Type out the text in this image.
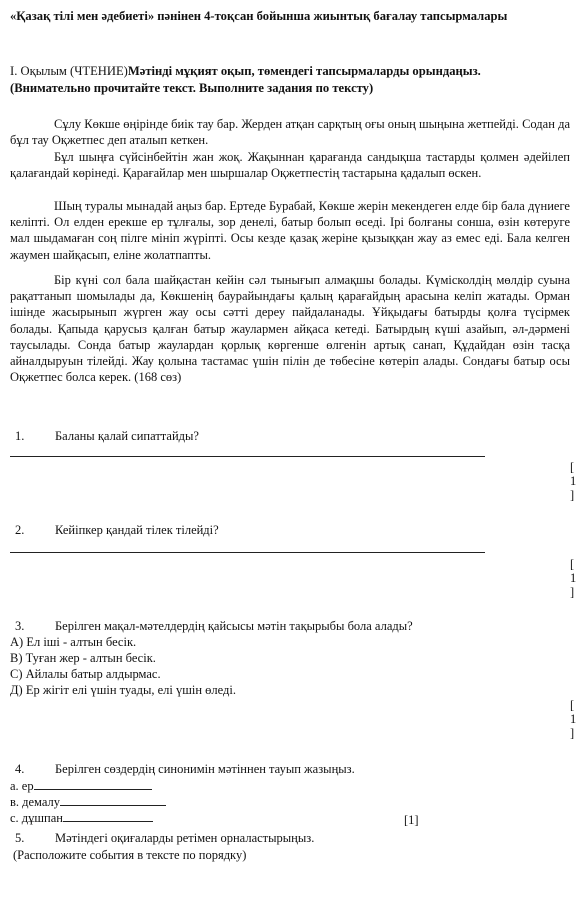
«Қазақ тілі мен әдебиеті» пәнінен 4-тоқсан бойынша жиынтық бағалау тапсырмалары
І. Оқылым (ЧТЕНИЕ)Мәтінді мұқият оқып, төмендегі тапсырмаларды орындаңыз.
(Внимательно прочитайте текст. Выполните задания по тексту)

Сұлу Көкше өңірінде биік тау бар. Жерден атқан сарқтың оғы оның шыңына жетпейді. Содан да бұл тау Оқжетпес деп аталып кеткен.

Бұл шыңға сүйсінбейтін жан жоқ. Жақыннан қарағанда сандықша тастарды қолмен әдейілеп қалағандай көрінеді. Қарағайлар мен шыршалар Оқжетпестің тастарына қадалып өскен.

Шың туралы мынадай аңыз бар. Ертеде Бурабай, Көкше жерін мекендеген елде бір бала дүниеге келіпті. Ол елден ерекше ер тұлғалы, зор денелі, батыр болып өседі. Ірі болғаны сонша, өзін көтеруге мал шыдамаған соң пілге мініп жүріпті. Осы кезде қазақ жеріне қызыққан жау аз емес еді. Бала келген жаумен шайқасып, еліне жолатпапты.

Бір күні сол бала шайқастан кейін сәл тынығып алмақшы болады. Күмісколдің мөлдір суына рақаттанып шомылады да, Көкшенің баурайындағы қалың қарағайдың арасына келіп жатады. Орман ішінде жасырынып жүрген жау осы сәтті дереу пайдаланады. Ұйқыдағы батырды қолға түсірмек болады. Қапыда қарусыз қалған батыр жаулармен айқаса кетеді. Батырдың күші азайып, әл-дәрмені таусылады. Сонда батыр жаулардан қорлық көргенше өлгенін артық санап, Құдайдан өзін тасқа айналдыруын тілейді. Жау қолына тастамас үшін пілін де төбесіне көтеріп алады. Сондағы батыр осы Оқжетпес болса керек. (168 сөз)

1. Баланы қалай сипаттайды?
[
1
]
2. Кейіпкер қандай тілек тілейді?
[
1
]
3. Берілген мақал-мәтелдердің қайсысы мәтін тақырыбы бола алады?
А) Ел іші - алтын бесік.
В) Туған жер - алтын бесік.
С) Айлалы батыр алдырмас.
Д) Ер жігіт елі үшін туады, елі үшін өледі.
[
1
]
4. Берілген сөздердің синонимін мәтіннен тауып жазыңыз.
а. ер
в. демалу
с. дұшпан	[1]
5. Мәтіндегі оқиғаларды ретімен орналастырыңыз.
(Расположите события в тексте по порядку)
